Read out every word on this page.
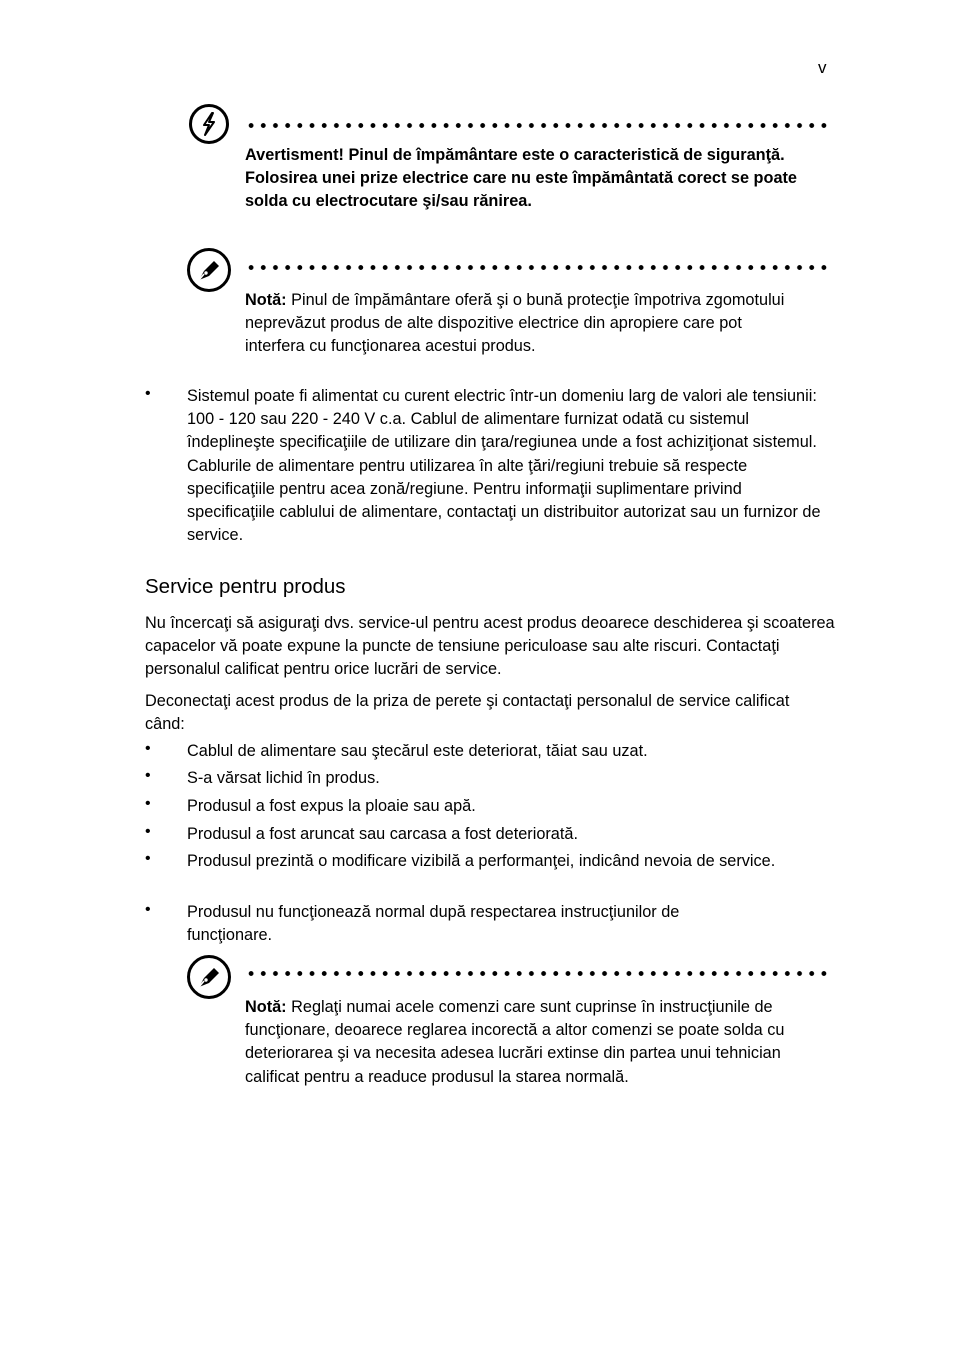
v
Avertisment! Pinul de împământare este o caracteristică de siguranţă. Folosirea unei prize electrice care nu este împământată corect se poate solda cu electrocutare şi/sau rănirea.
Notă: Pinul de împământare oferă şi o bună protecţie împotriva zgomotului neprevăzut produs de alte dispozitive electrice din apropiere care pot interfera cu funcţionarea acestui produs.
• Sistemul poate fi alimentat cu curent electric într-un domeniu larg de valori ale tensiunii: 100 - 120 sau 220 - 240 V c.a. Cablul de alimentare furnizat odată cu sistemul îndeplineşte specificaţiile de utilizare din ţara/regiunea unde a fost achiziţionat sistemul. Cablurile de alimentare pentru utilizarea în alte ţări/regiuni trebuie să respecte specificaţiile pentru acea zonă/regiune. Pentru informaţii suplimentare privind specificaţiile cablului de alimentare, contactaţi un distribuitor autorizat sau un furnizor de service.
Service pentru produs
Nu încercaţi să asiguraţi dvs. service-ul pentru acest produs deoarece deschiderea şi scoaterea capacelor vă poate expune la puncte de tensiune periculoase sau alte riscuri. Contactaţi personalul calificat pentru orice lucrări de service.
Deconectaţi acest produs de la priza de perete şi contactaţi personalul de service calificat când:
• Cablul de alimentare sau ştecărul este deteriorat, tăiat sau uzat.
• S-a vărsat lichid în produs.
• Produsul a fost expus la ploaie sau apă.
• Produsul a fost aruncat sau carcasa a fost deteriorată.
• Produsul prezintă o modificare vizibilă a performanţei, indicând nevoia de service.
• Produsul nu funcţionează normal după respectarea instrucţiunilor de funcţionare.
Notă: Reglaţi numai acele comenzi care sunt cuprinse în instrucţiunile de funcţionare, deoarece reglarea incorectă a altor comenzi se poate solda cu deteriorarea şi va necesita adesea lucrări extinse din partea unui tehnician calificat pentru a readuce produsul la starea normală.
